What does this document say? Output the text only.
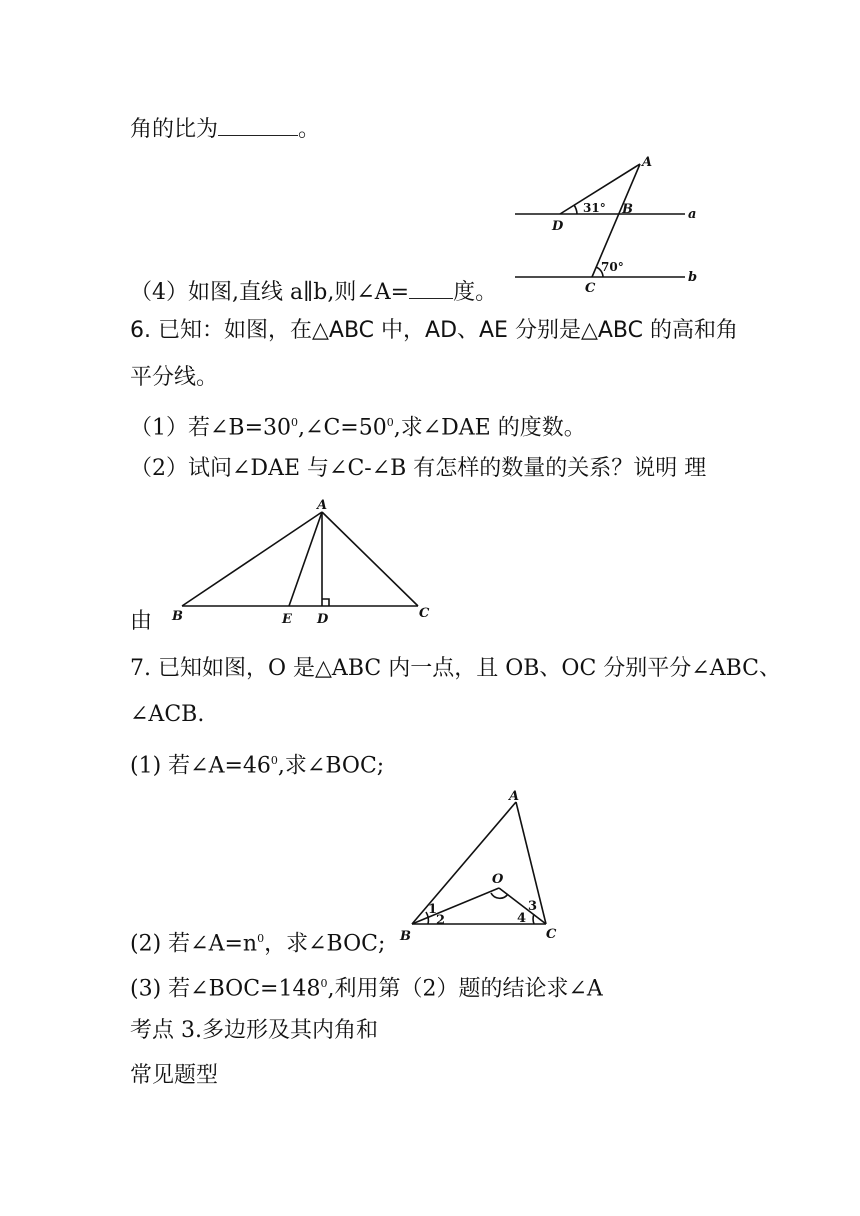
角的比为	。
A
B
D
C
a
b
31°
70°
（4）如图,直线 a∥b,则∠A= 度。
6. 已知：如图，在△ABC 中，AD、AE 分别是△ABC 的高和角
平分线。
（1）若$\angle B=30^0,\angle C=50^0$,求∠DAE 的度数。
（2）试问∠DAE 与∠C-∠B 有怎样的数量的关系？说明 理
A
B	E D	C
由
7. 已知如图，O 是△ABC 内一点，且 OB、OC 分别平分∠ABC、
∠ACB.
(1) 若$\angle A=46^0$,求∠BOC;
A
O
B	C
1
2
3
4
(2) 若$\angle A=n^0$，求∠BOC;
(3) 若$\angle BOC=148^0$,利用第（2）题的结论求∠A
考点 3.多边形及其内角和
常见题型
